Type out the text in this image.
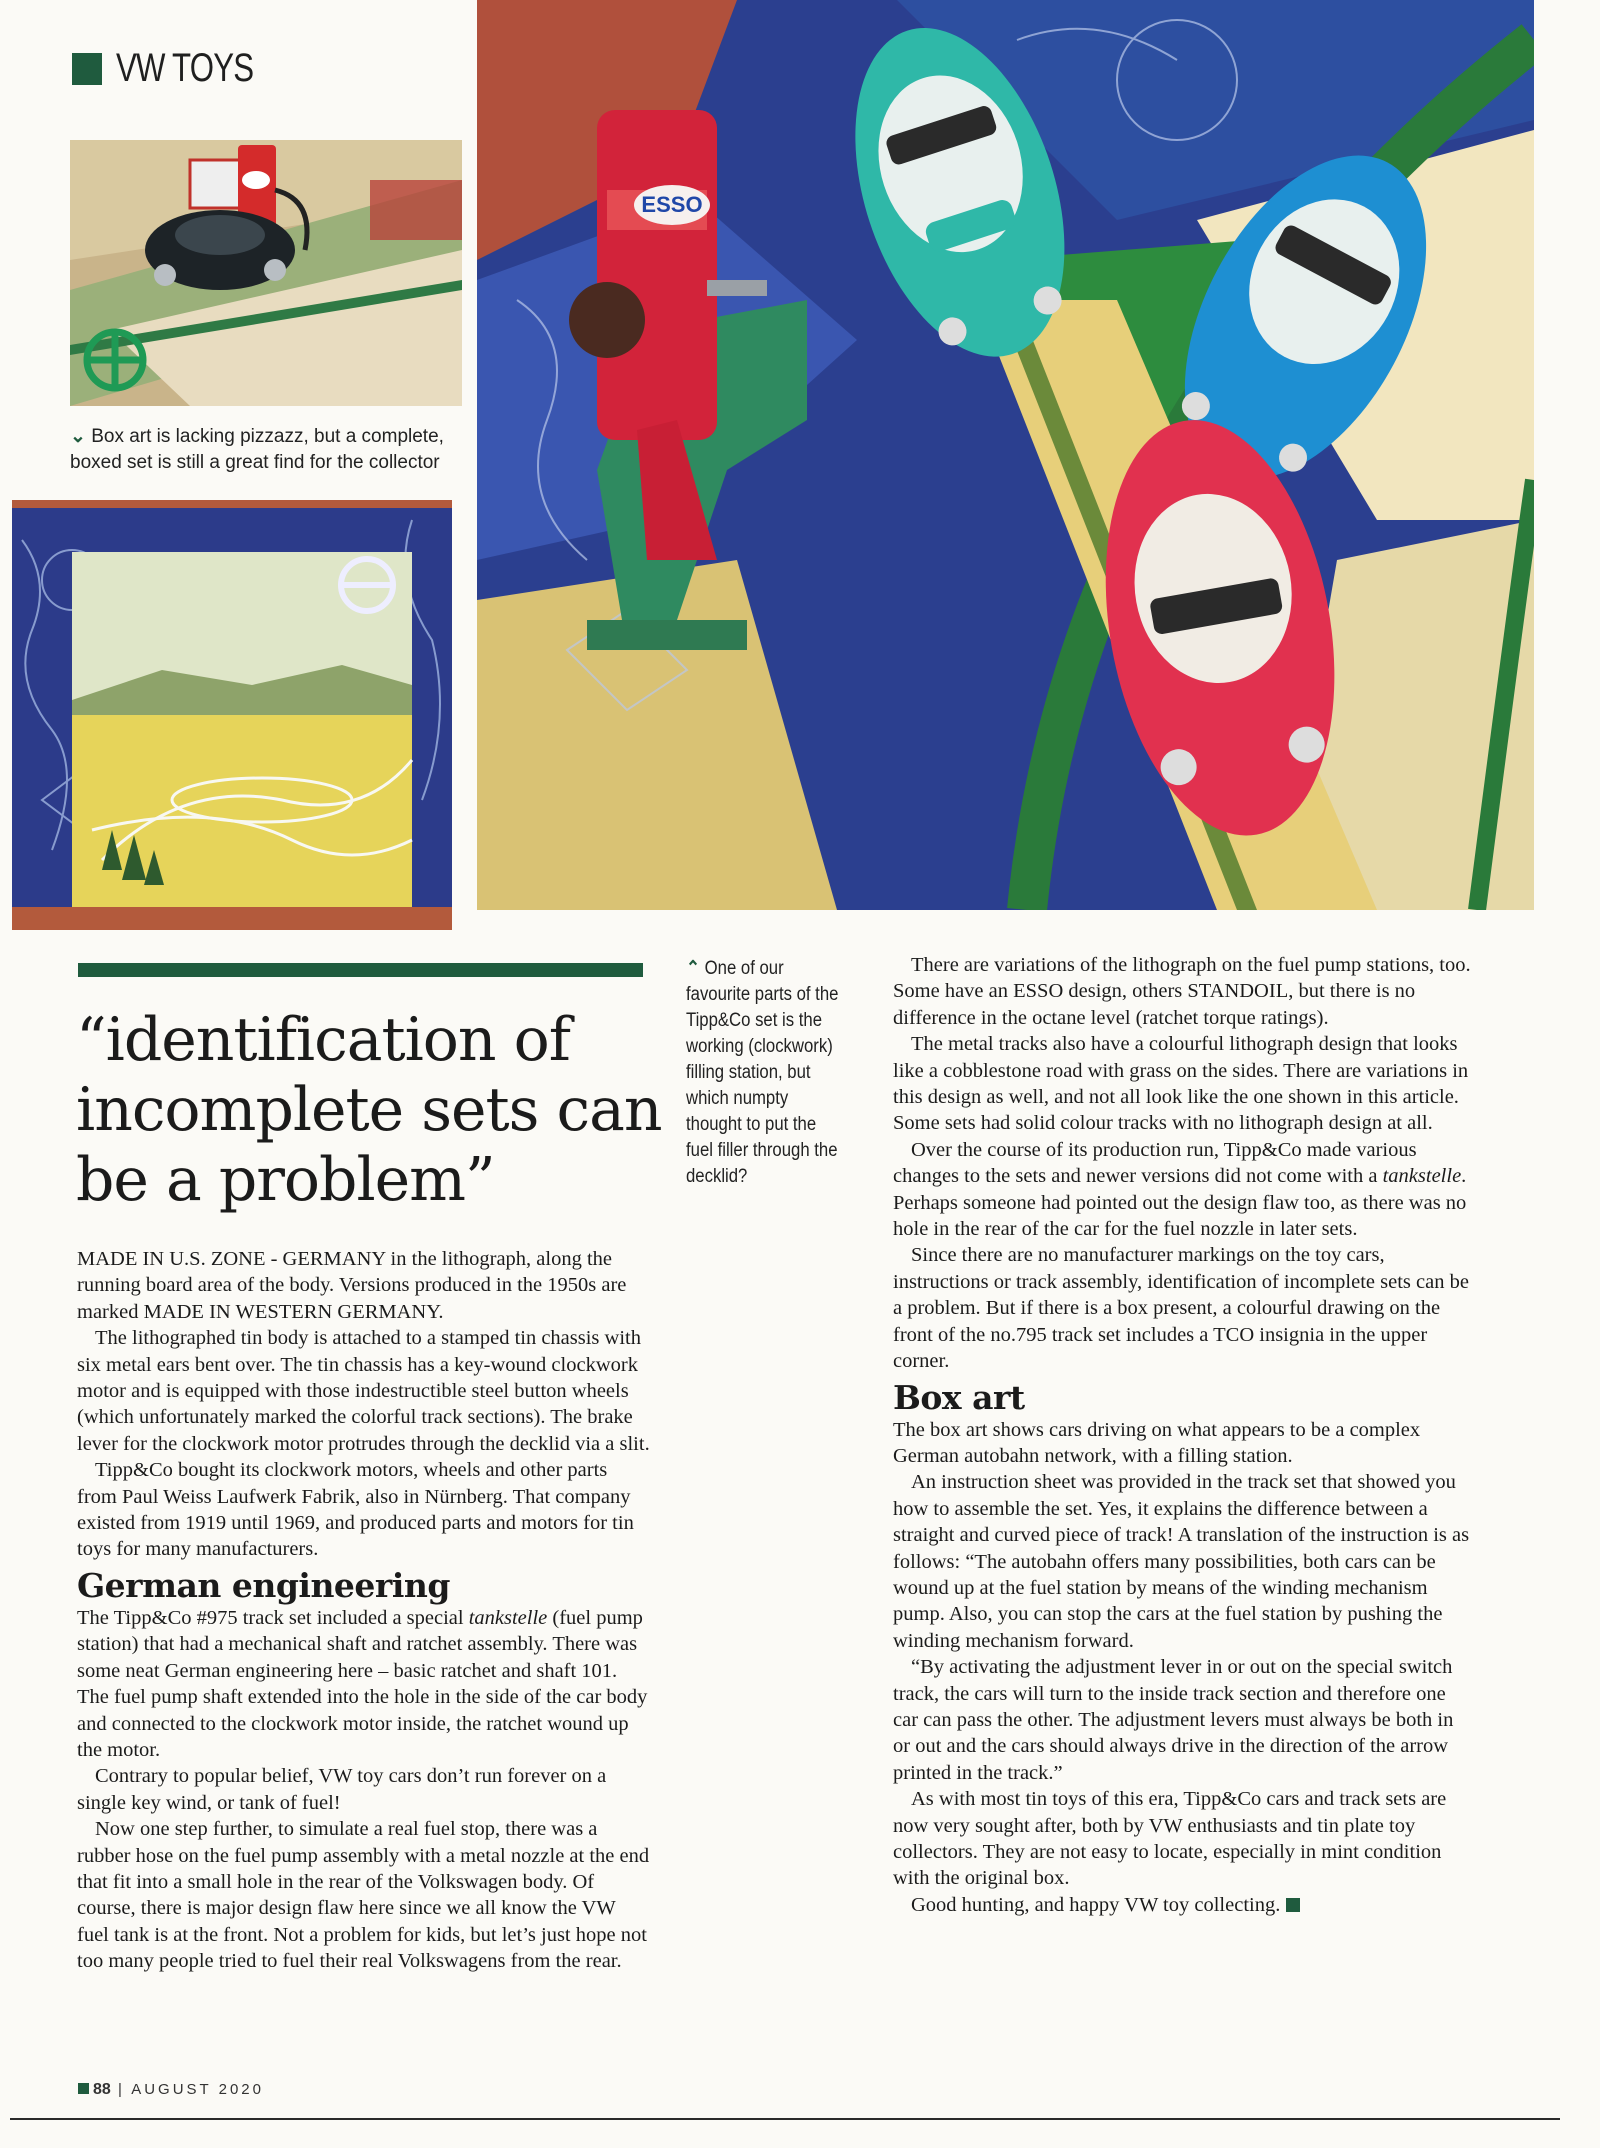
VW TOYS
⌄ Box art is lacking pizzazz, but a complete, boxed set is still a great find for the collector
ESSO
“identification of incomplete sets can be a problem”
⌃ One of our favourite parts of the Tipp&Co set is the working (clockwork) filling station, but which numpty thought to put the fuel filler through the decklid?

MADE IN U.S. ZONE - GERMANY in the lithograph, along the running board area of the body. Versions produced in the 1950s are marked MADE IN WESTERN GERMANY.

The lithographed tin body is attached to a stamped tin chassis with six metal ears bent over. The tin chassis has a key-wound clockwork motor and is equipped with those indestructible steel button wheels (which unfortunately marked the colorful track sections). The brake lever for the clockwork motor protrudes through the decklid via a slit.

Tipp&Co bought its clockwork motors, wheels and other parts from Paul Weiss Laufwerk Fabrik, also in Nürnberg. That company existed from 1919 until 1969, and produced parts and motors for tin toys for many manufacturers.

German engineering

The Tipp&Co #975 track set included a special tankstelle (fuel pump station) that had a mechanical shaft and ratchet assembly. There was some neat German engineering here – basic ratchet and shaft 101. The fuel pump shaft extended into the hole in the side of the car body and connected to the clockwork motor inside, the ratchet wound up the motor.

Contrary to popular belief, VW toy cars don’t run forever on a single key wind, or tank of fuel!

Now one step further, to simulate a real fuel stop, there was a rubber hose on the fuel pump assembly with a metal nozzle at the end that fit into a small hole in the rear of the Volkswagen body. Of course, there is major design flaw here since we all know the VW fuel tank is at the front. Not a problem for kids, but let’s just hope not too many people tried to fuel their real Volkswagens from the rear.

There are variations of the lithograph on the fuel pump stations, too. Some have an ESSO design, others STANDOIL, but there is no difference in the octane level (ratchet torque ratings).

The metal tracks also have a colourful lithograph design that looks like a cobblestone road with grass on the sides. There are variations in this design as well, and not all look like the one shown in this article. Some sets had solid colour tracks with no lithograph design at all.

Over the course of its production run, Tipp&Co made various changes to the sets and newer versions did not come with a tankstelle. Perhaps someone had pointed out the design flaw too, as there was no hole in the rear of the car for the fuel nozzle in later sets.

Since there are no manufacturer markings on the toy cars, instructions or track assembly, identification of incomplete sets can be a problem. But if there is a box present, a colourful drawing on the front of the no.795 track set includes a TCO insignia in the upper corner.

Box art

The box art shows cars driving on what appears to be a complex German autobahn network, with a filling station.

An instruction sheet was provided in the track set that showed you how to assemble the set. Yes, it explains the difference between a straight and curved piece of track! A translation of the instruction is as follows: “The autobahn offers many possibilities, both cars can be wound up at the fuel station by means of the winding mechanism pump. Also, you can stop the cars at the fuel station by pushing the winding mechanism forward.

“By activating the adjustment lever in or out on the special switch track, the cars will turn to the inside track section and therefore one car can pass the other. The adjustment levers must always be both in or out and the cars should always drive in the direction of the arrow printed in the track.”

As with most tin toys of this era, Tipp&Co cars and track sets are now very sought after, both by VW enthusiasts and tin plate toy collectors. They are not easy to locate, especially in mint condition with the original box.

Good hunting, and happy VW toy collecting.

88 | AUGUST 2020
